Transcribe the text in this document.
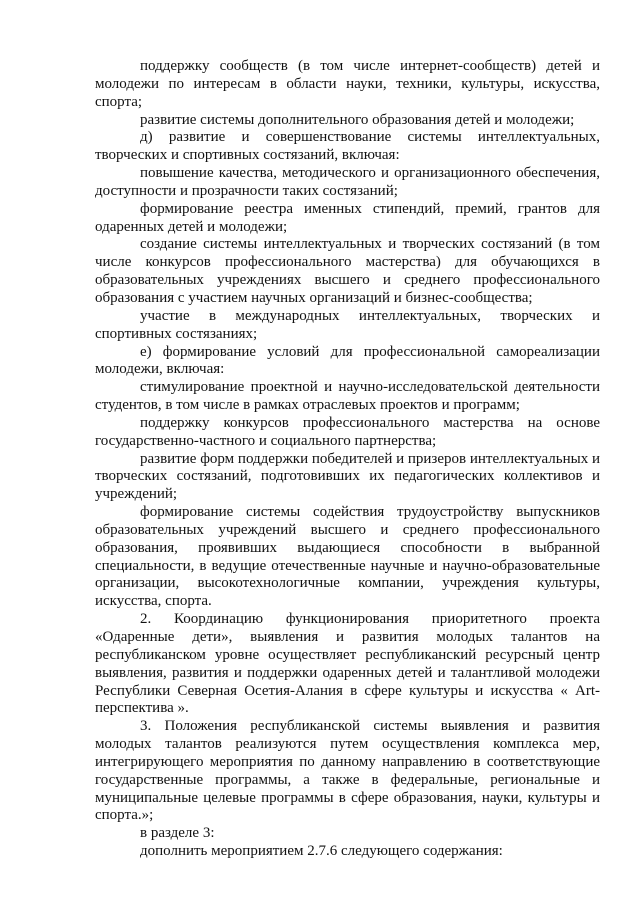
поддержку сообществ (в том числе интернет-сообществ) детей и молодежи по интересам в области науки, техники, культуры, искусства, спорта;

развитие системы дополнительного образования детей и молодежи;

д) развитие и совершенствование системы интеллектуальных, творческих и спортивных состязаний, включая:

повышение качества, методического и организационного обеспечения, доступности и прозрачности таких состязаний;

формирование реестра именных стипендий, премий, грантов для одаренных детей и молодежи;

создание системы интеллектуальных и творческих состязаний (в том числе конкурсов профессионального мастерства) для обучающихся в образовательных учреждениях высшего и среднего профессионального образования с участием научных организаций и бизнес-сообщества;

участие в международных интеллектуальных, творческих и спортивных состязаниях;

е) формирование условий для профессиональной самореализации молодежи, включая:

стимулирование проектной и научно-исследовательской деятельности студентов, в том числе в рамках отраслевых проектов и программ;

поддержку конкурсов профессионального мастерства на основе государственно-частного и социального партнерства;

развитие форм поддержки победителей и призеров интеллектуальных и творческих состязаний, подготовивших их педагогических коллективов и учреждений;

формирование системы содействия трудоустройству выпускников образовательных учреждений высшего и среднего профессионального образования, проявивших выдающиеся способности в выбранной специальности, в ведущие отечественные научные и научно-образовательные организации, высокотехнологичные компании, учреждения культуры, искусства, спорта.

2. Координацию функционирования приоритетного проекта «Одаренные дети», выявления и развития молодых талантов на республиканском уровне осуществляет республиканский ресурсный центр выявления, развития и поддержки одаренных детей и талантливой молодежи Республики Северная Осетия-Алания в сфере культуры и искусства « Art-перспектива ».

3. Положения республиканской системы выявления и развития молодых талантов реализуются путем осуществления комплекса мер, интегрирующего мероприятия по данному направлению в соответствующие государственные программы, а также в федеральные, региональные и муниципальные целевые программы в сфере образования, науки, культуры и спорта.»;

в разделе 3:

дополнить мероприятием 2.7.6 следующего содержания:
